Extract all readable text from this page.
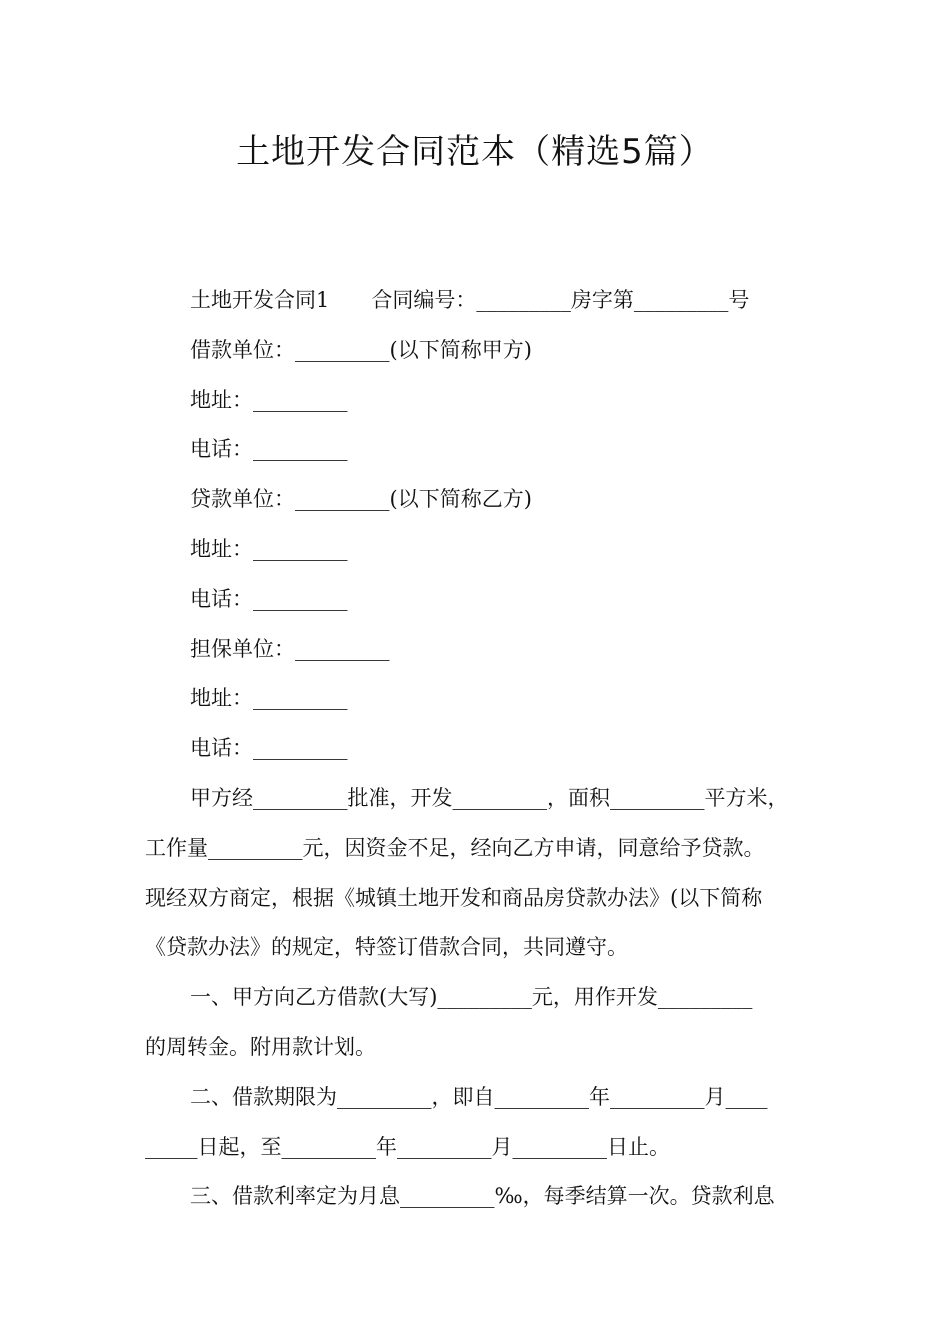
土地开发合同范本（精选5篇）
土地开发合同1　　合同编号：_________房字第_________号
借款单位：_________(以下简称甲方)
地址：_________
电话：_________
贷款单位：_________(以下简称乙方)
地址：_________
电话：_________
担保单位：_________
地址：_________
电话：_________
甲方经_________批准，开发_________，面积_________平方米，
工作量_________元，因资金不足，经向乙方申请，同意给予贷款。
现经双方商定，根据《城镇土地开发和商品房贷款办法》(以下简称
《贷款办法》的规定，特签订借款合同，共同遵守。
一、甲方向乙方借款(大写)_________元，用作开发_________
的周转金。附用款计划。
二、借款期限为_________，即自_________年_________月____
_____日起，至_________年_________月_________日止。
三、借款利率定为月息_________‰，每季结算一次。贷款利息
